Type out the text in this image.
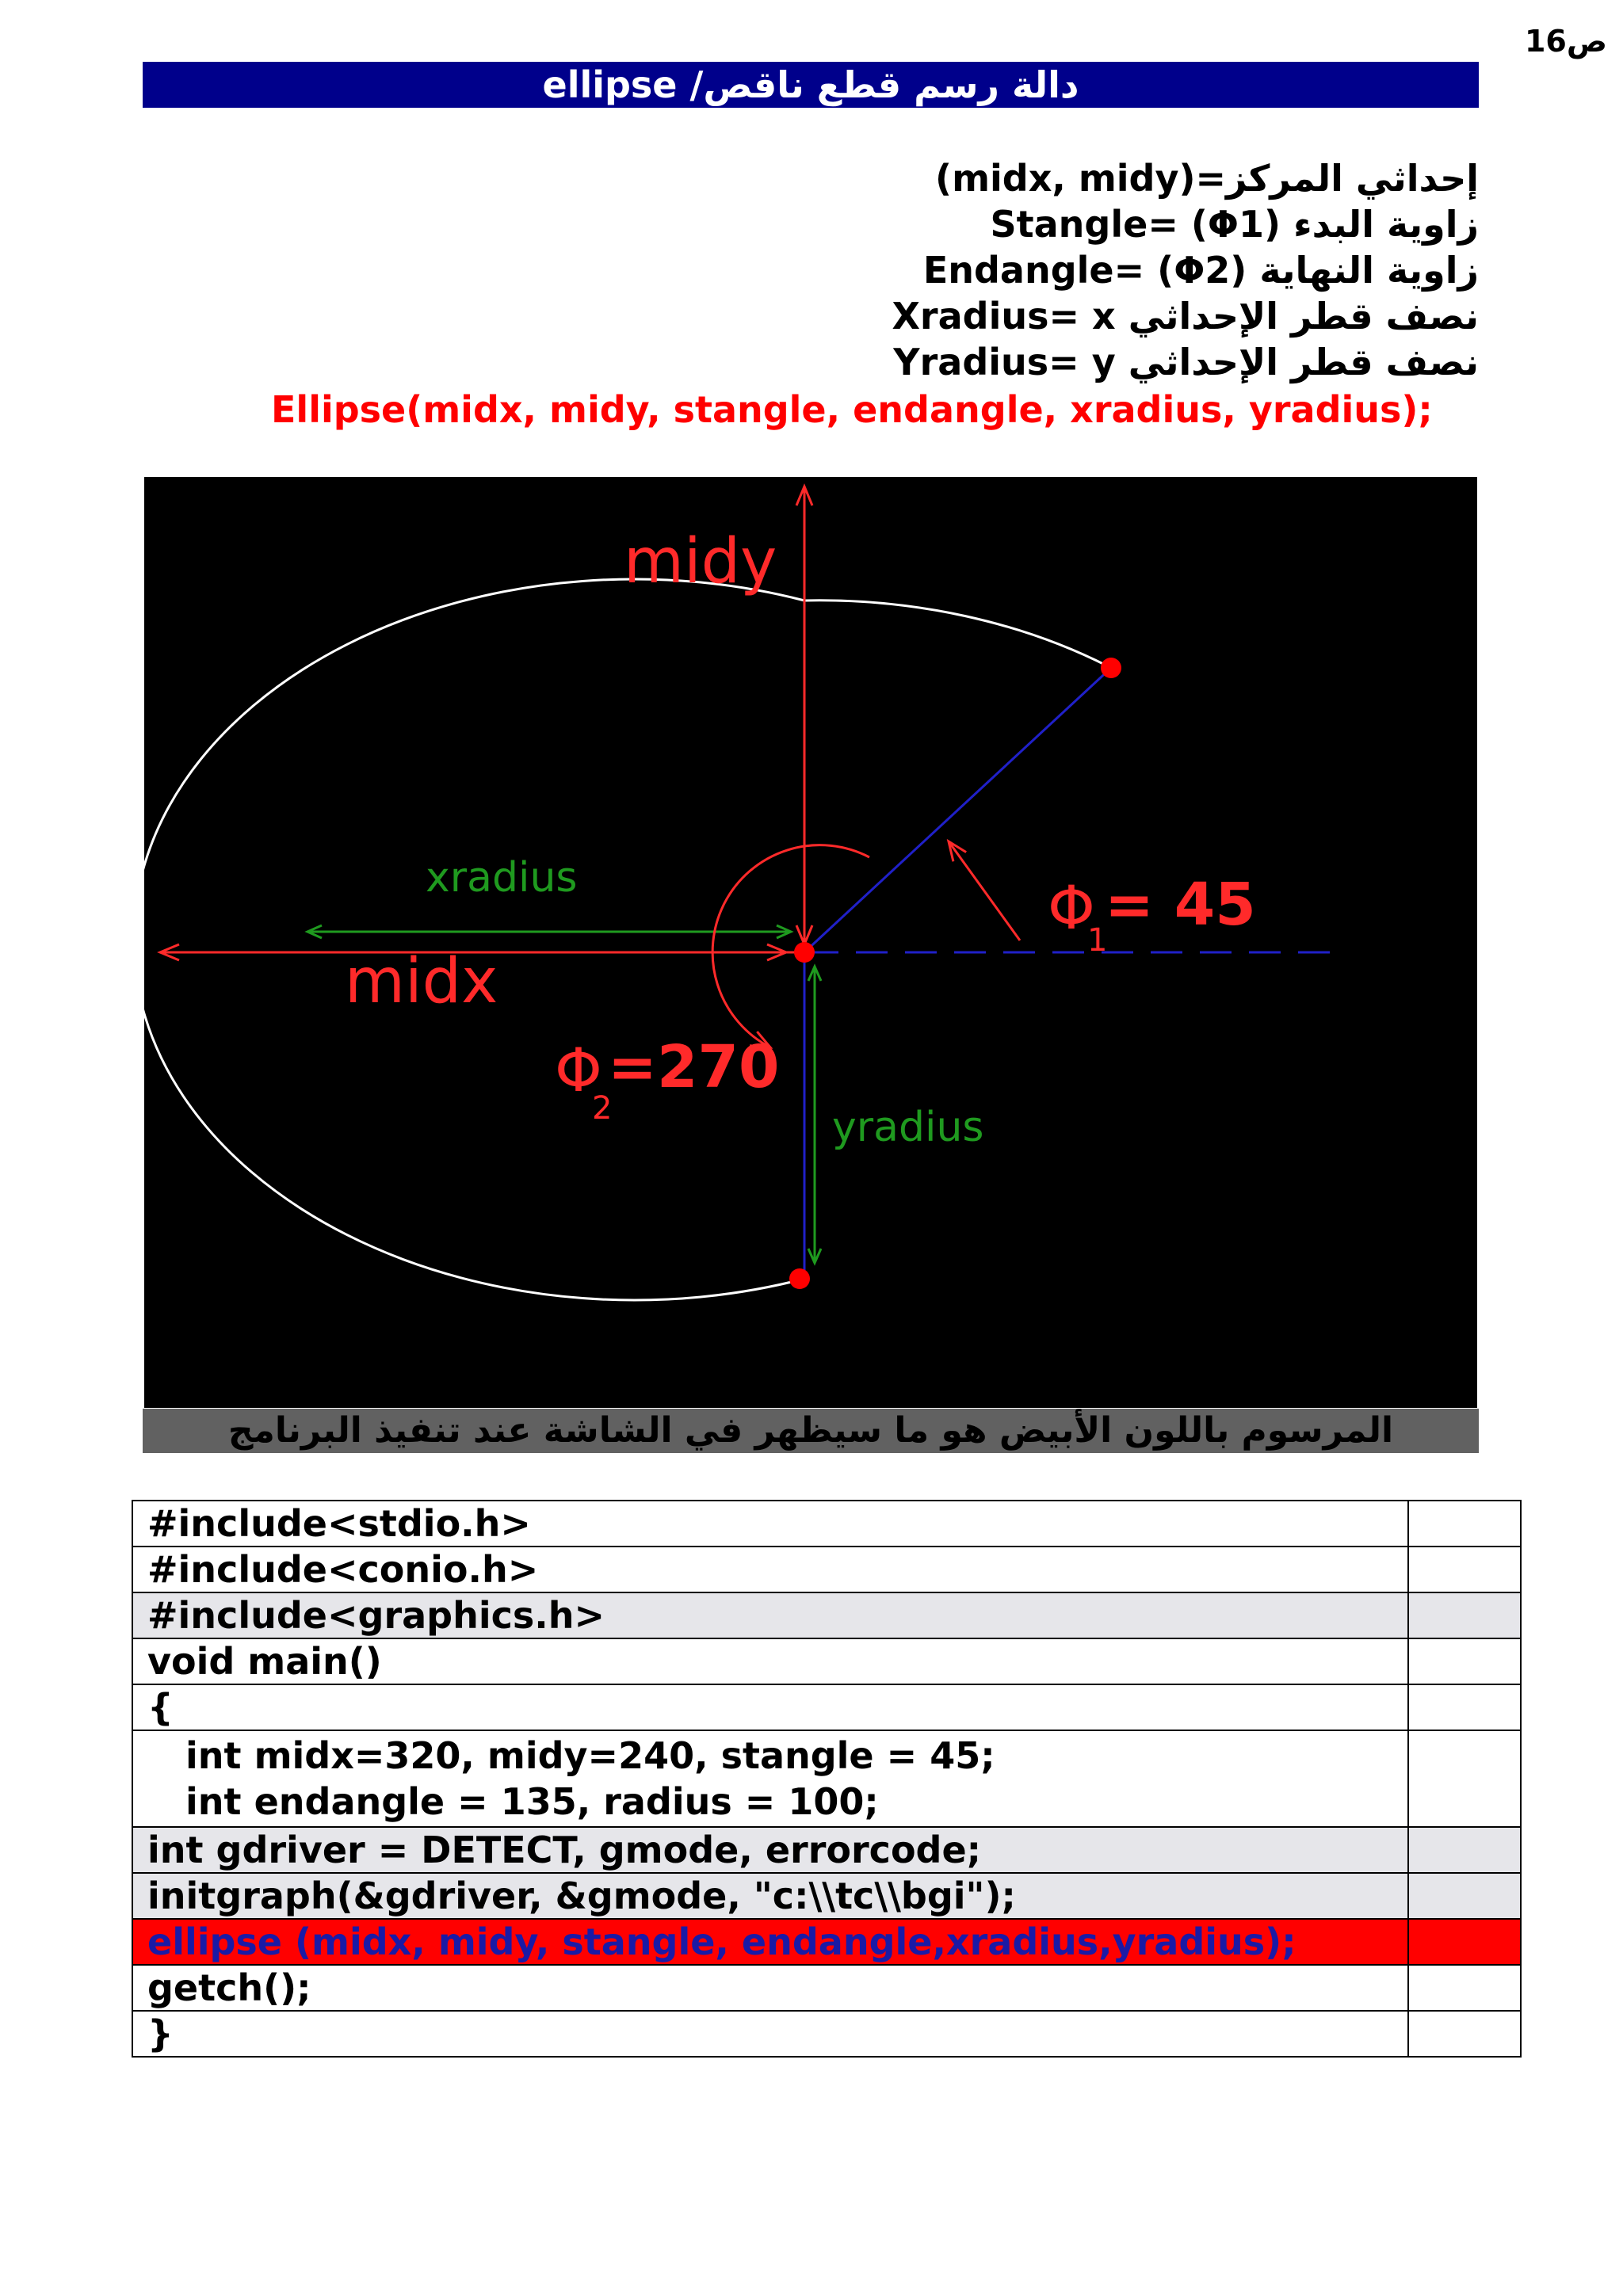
ص16
دالة رسم قطع ناقص/ ellipse
إحداثي المركز=(midx, midy)
زاوية البدء Stangle= (Φ1)
زاوية النهاية Endangle= (Φ2)
نصف قطر الإحداثي Xradius= x
نصف قطر الإحداثي Yradius= y
Ellipse(midx, midy, stangle, endangle, xradius, yradius);
midy
midx
xradius
yradius
Φ
1
= 45
Φ
2
=270
المرسوم باللون الأبيض هو ما سيظهر في الشاشة عند تنفيذ البرنامج
#include<stdio.h>	
#include<conio.h>	
#include<graphics.h>	
void main()	
{	

int midx=320, midy=240, stangle = 45;
int endangle = 135, radius = 100;	

int gdriver = DETECT, gmode, errorcode;	
initgraph(&gdriver, &gmode, "c:\\tc\\bgi");	
ellipse (midx, midy, stangle, endangle,xradius,yradius);	
getch();	
}	
